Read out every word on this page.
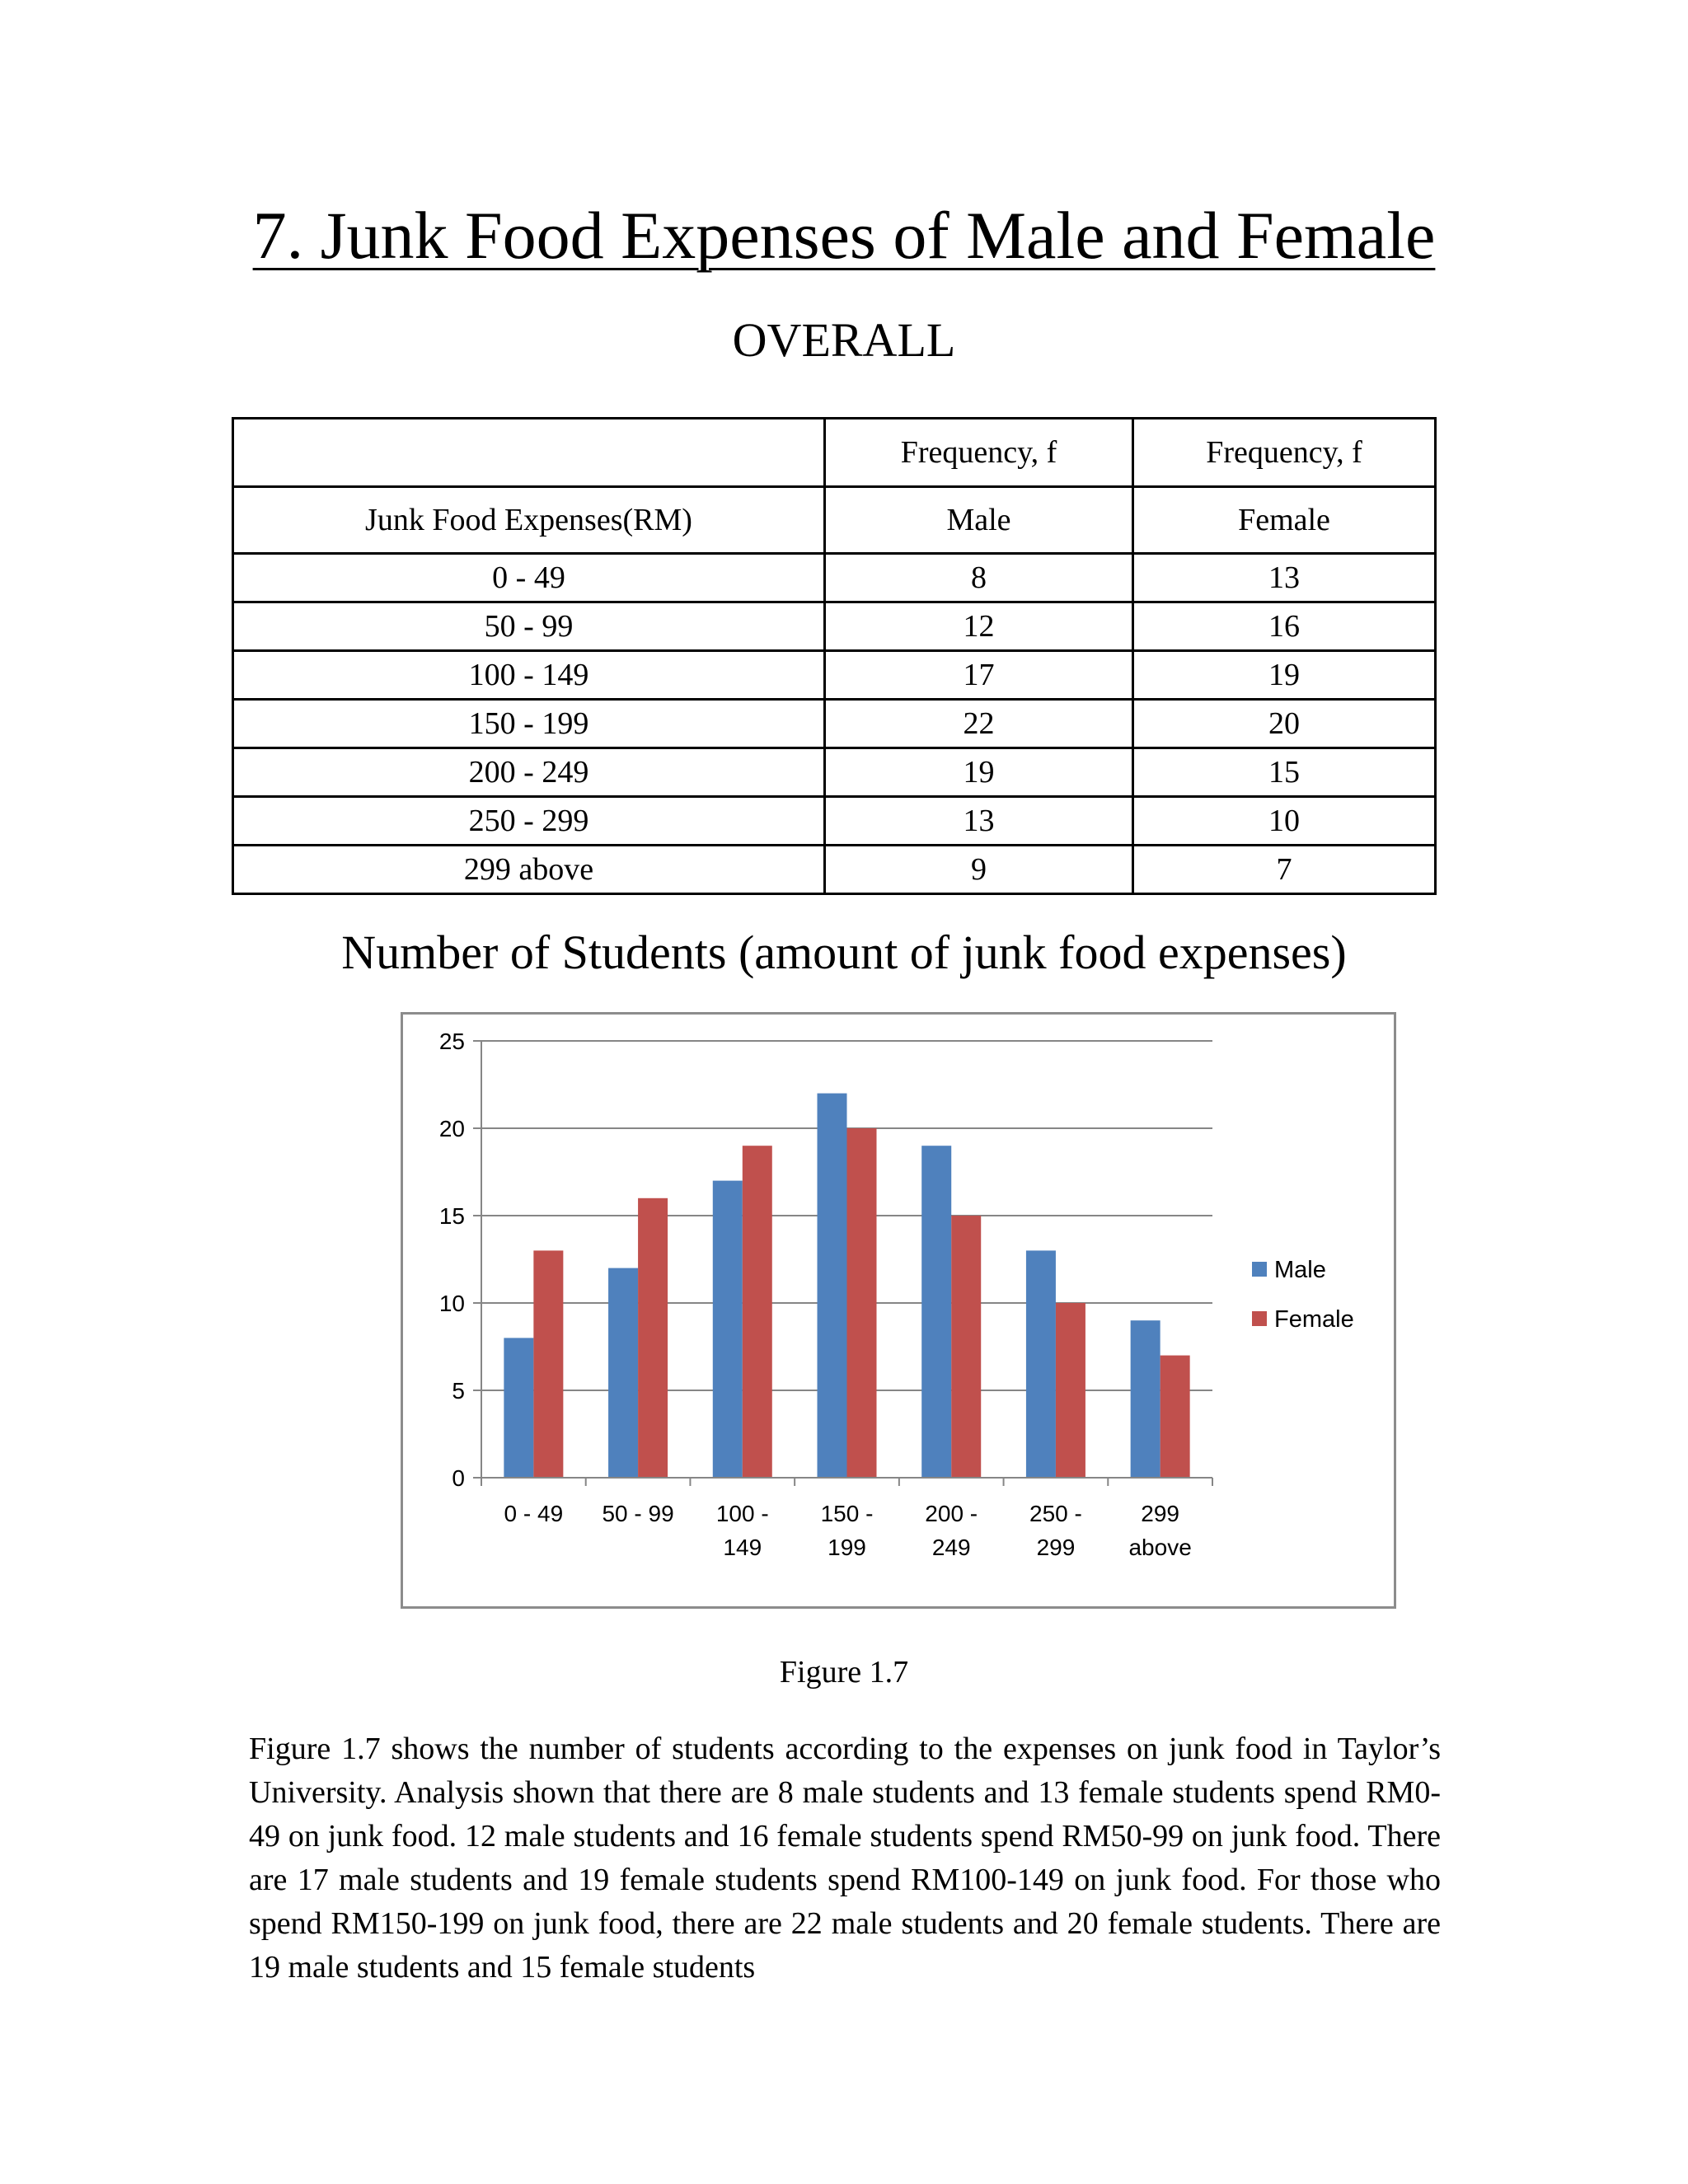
7. Junk Food Expenses of Male and Female
OVERALL
	Frequency, f	Frequency, f
Junk Food Expenses(RM)	Male	Female
0 - 49	8	13
50 - 99	12	16
100 - 149	17	19
150 - 199	22	20
200 - 249	19	15
250 - 299	13	10
299 above	9	7
Number of Students (amount of junk food expenses)
0
5
10
15
20
25
0 - 49 50 - 99 100 -
149
150 -
199
200 -
249
250 -
299
299
above
Male
Female
Figure 1.7

Figure 1.7 shows the number of students according to the expenses on junk food in Taylor’s University. Analysis shown that there are 8 male students and 13 female students spend RM0-49 on junk food. 12 male students and 16 female students spend RM50-99 on junk food. There are 17 male students and 19 female students spend RM100-149 on junk food. For those who spend RM150-199 on junk food, there are 22 male students and 20 female students. There are 19 male students and 15 female students
